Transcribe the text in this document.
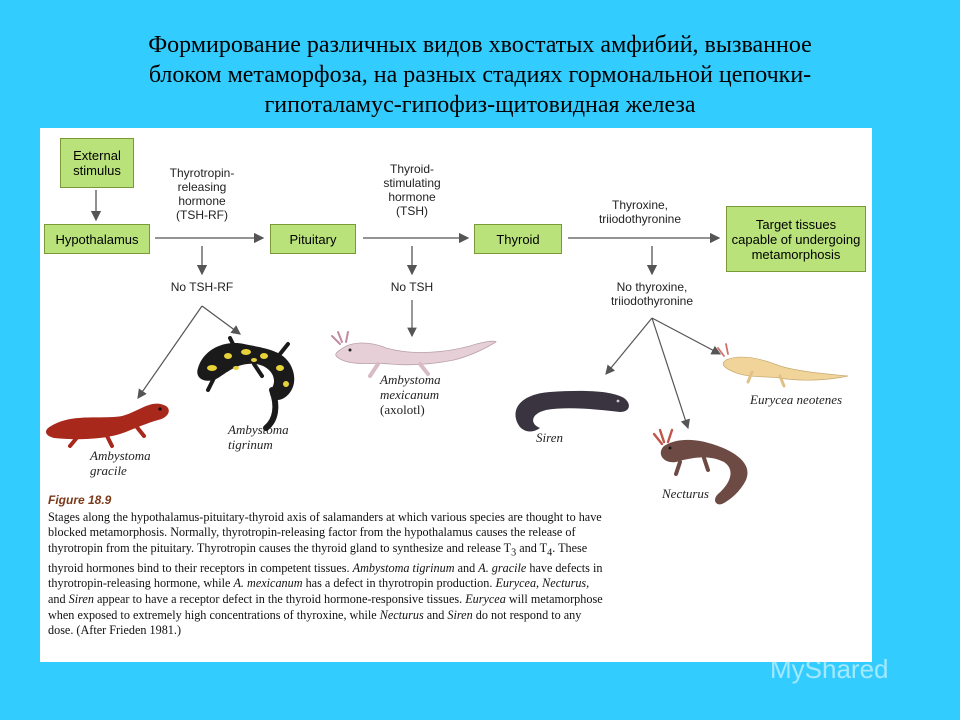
Формирование различных видов хвостатых амфибий, вызванное
блоком метаморфоза, на разных стадиях гормональной цепочки-
гипоталамус-гипофиз-щитовидная железа
External
stimulus
Hypothalamus	Pituitary	Thyroid
Target tissues
capable of undergoing
metamorphosis
Thyrotropin-
releasing
hormone
(TSH-RF)
Thyroid-
stimulating
hormone
(TSH)	Thyroxine,
triiodothyronine
No TSH-RF	No TSH	No thyroxine,
triiodothyronine
Ambystoma
gracile
Ambystoma
tigrinum
Ambystoma
mexicanum
(axolotl)
Siren
Necturus
Eurycea neotenes
Figure 18.9
Stages along the hypothalamus-pituitary-thyroid axis of salamanders at which various species are thought to have blocked metamorphosis. Normally, thyrotropin-releasing factor from the hypothalamus causes the release of thyrotropin from the pituitary. Thyrotropin causes the thyroid gland to synthesize and release $T_3$ and $T_4$. These thyroid hormones bind to their receptors in competent tissues. Ambystoma tigrinum and A. gracile have defects in thyrotropin-releasing hormone, while A. mexicanum has a defect in thyrotropin production. Eurycea, Necturus, and Siren appear to have a receptor defect in the thyroid hormone-responsive tissues. Eurycea will metamorphose when exposed to extremely high concentrations of thyroxine, while Necturus and Siren do not respond to any dose. (After Frieden 1981.)
MyShared
